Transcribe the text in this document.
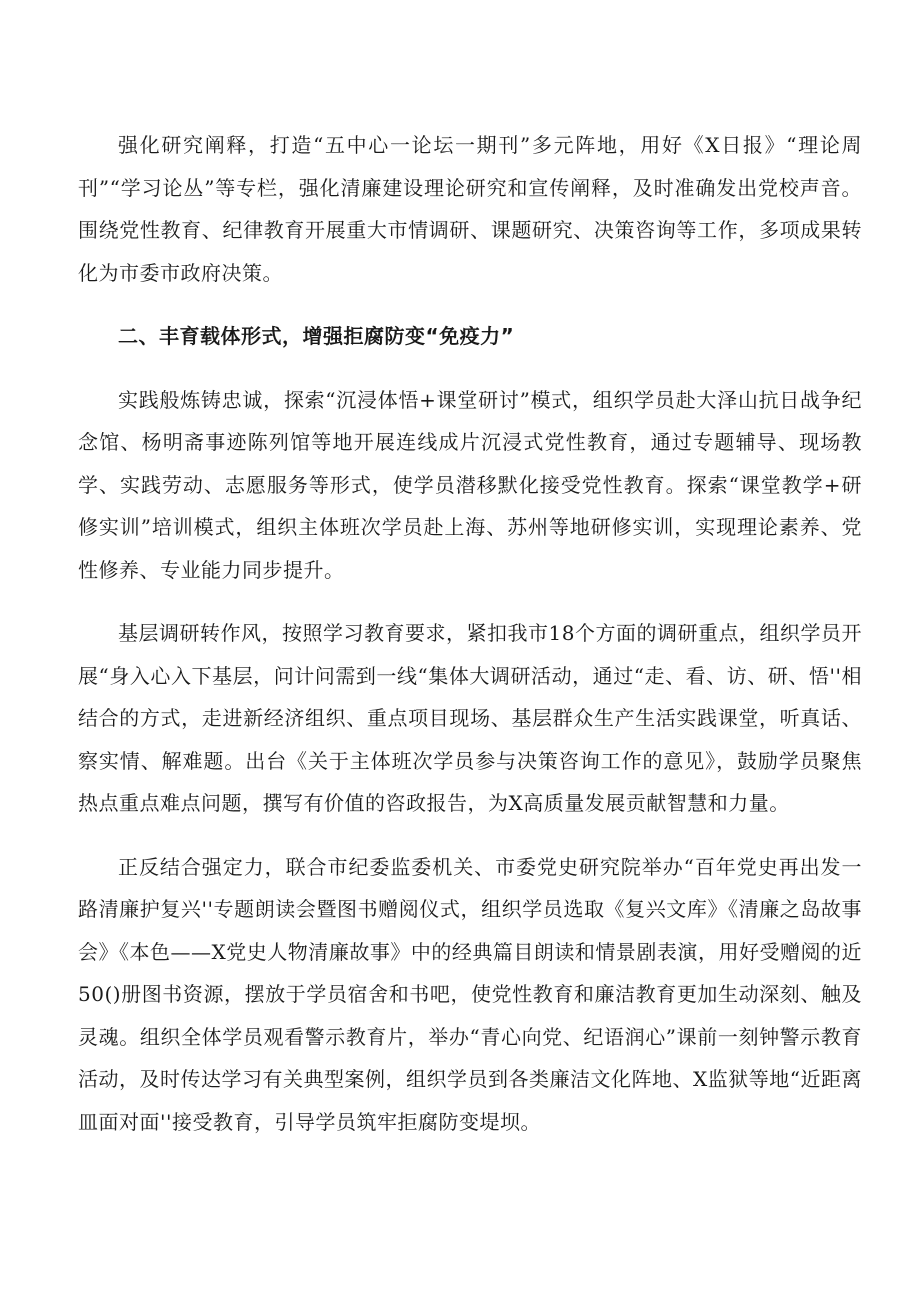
强化研究阐释，打造“五中心一论坛一期刊”多元阵地，用好《X日报》“理论周刊”“学习论丛”等专栏，强化清廉建设理论研究和宣传阐释，及时准确发出党校声音。围绕党性教育、纪律教育开展重大市情调研、课题研究、决策咨询等工作，多项成果转化为市委市政府决策。

二、丰育载体形式，增强拒腐防变“免疫力”

实践般炼铸忠诚，探索“沉浸体悟+课堂研讨”模式，组织学员赴大泽山抗日战争纪念馆、杨明斋事迹陈列馆等地开展连线成片沉浸式党性教育，通过专题辅导、现场教学、实践劳动、志愿服务等形式，使学员潜移默化接受党性教育。探索“课堂教学+研修实训”培训模式，组织主体班次学员赴上海、苏州等地研修实训，实现理论素养、党性修养、专业能力同步提升。

基层调研转作风，按照学习教育要求，紧扣我市18个方面的调研重点，组织学员开展“身入心入下基层，问计问需到一线“集体大调研活动，通过“走、看、访、研、悟''相结合的方式，走进新经济组织、重点项目现场、基层群众生产生活实践课堂，听真话、察实情、解难题。出台《关于主体班次学员参与决策咨询工作的意见》，鼓励学员聚焦热点重点难点问题，撰写有价值的咨政报告，为X高质量发展贡献智慧和力量。

正反结合强定力，联合市纪委监委机关、市委党史研究院举办“百年党史再出发一路清廉护复兴''专题朗读会暨图书赠阅仪式，组织学员选取《复兴文库》《清廉之岛故事会》《本色——X党史人物清廉故事》中的经典篇目朗读和情景剧表演，用好受赠阅的近50()册图书资源，摆放于学员宿舍和书吧，使党性教育和廉洁教育更加生动深刻、触及灵魂。组织全体学员观看警示教育片，举办“青心向党、纪语润心”课前一刻钟警示教育活动，及时传达学习有关典型案例，组织学员到各类廉洁文化阵地、X监狱等地“近距离皿面对面''接受教育，引导学员筑牢拒腐防变堤坝。
